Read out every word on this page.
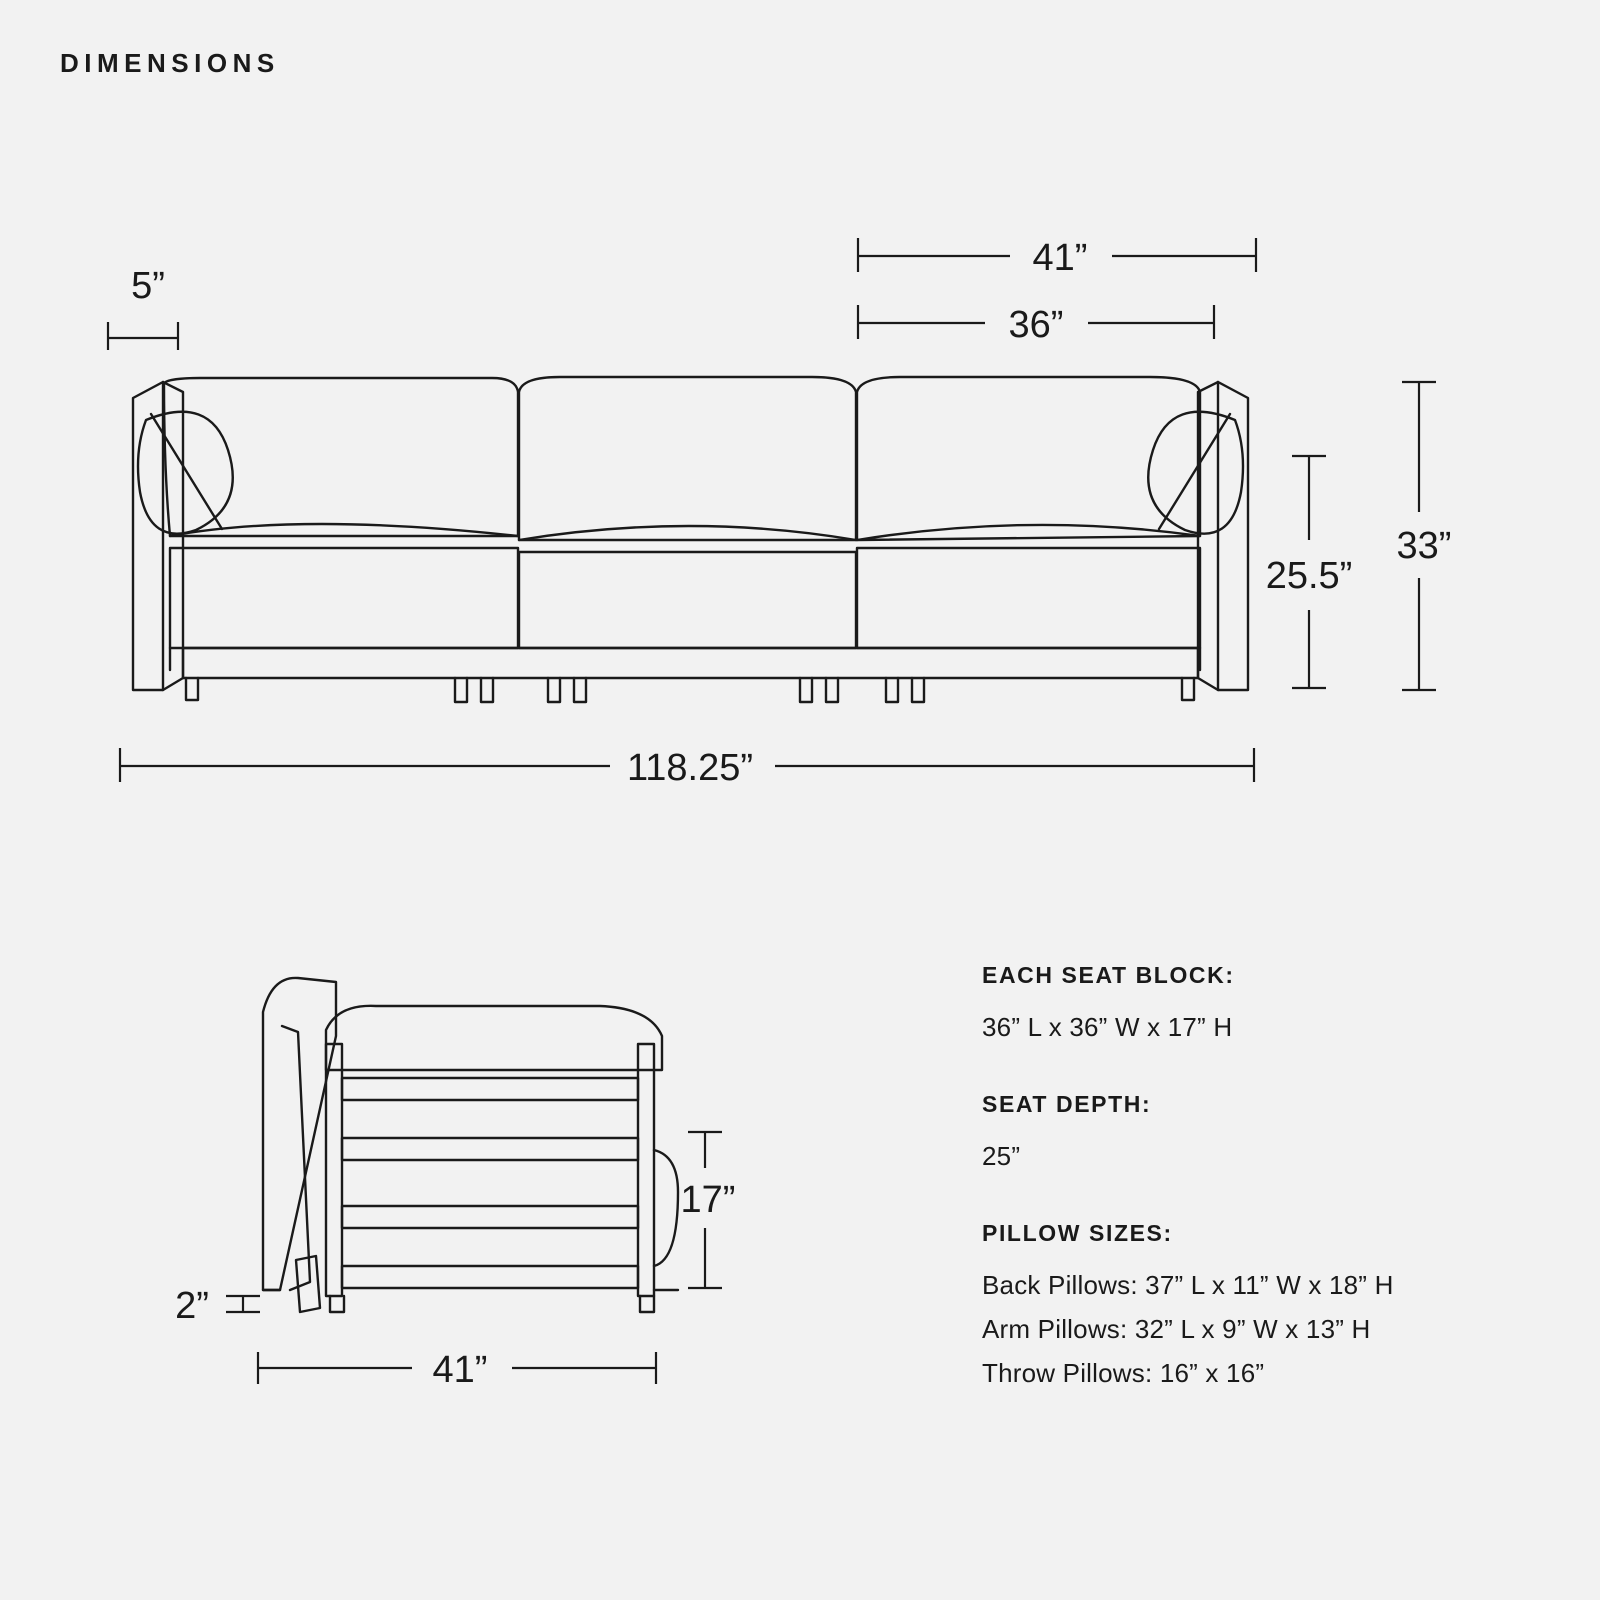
DIMENSIONS
5”
41”
36”
25.5”
33”
118.25”
17”
2”
41”
EACH SEAT BLOCK:
36” L x 36” W x 17” H
SEAT DEPTH:
25”
PILLOW SIZES:
Back Pillows: 37” L x 11” W x 18” H
Arm Pillows: 32” L x 9” W x 13” H
Throw Pillows: 16” x 16”
